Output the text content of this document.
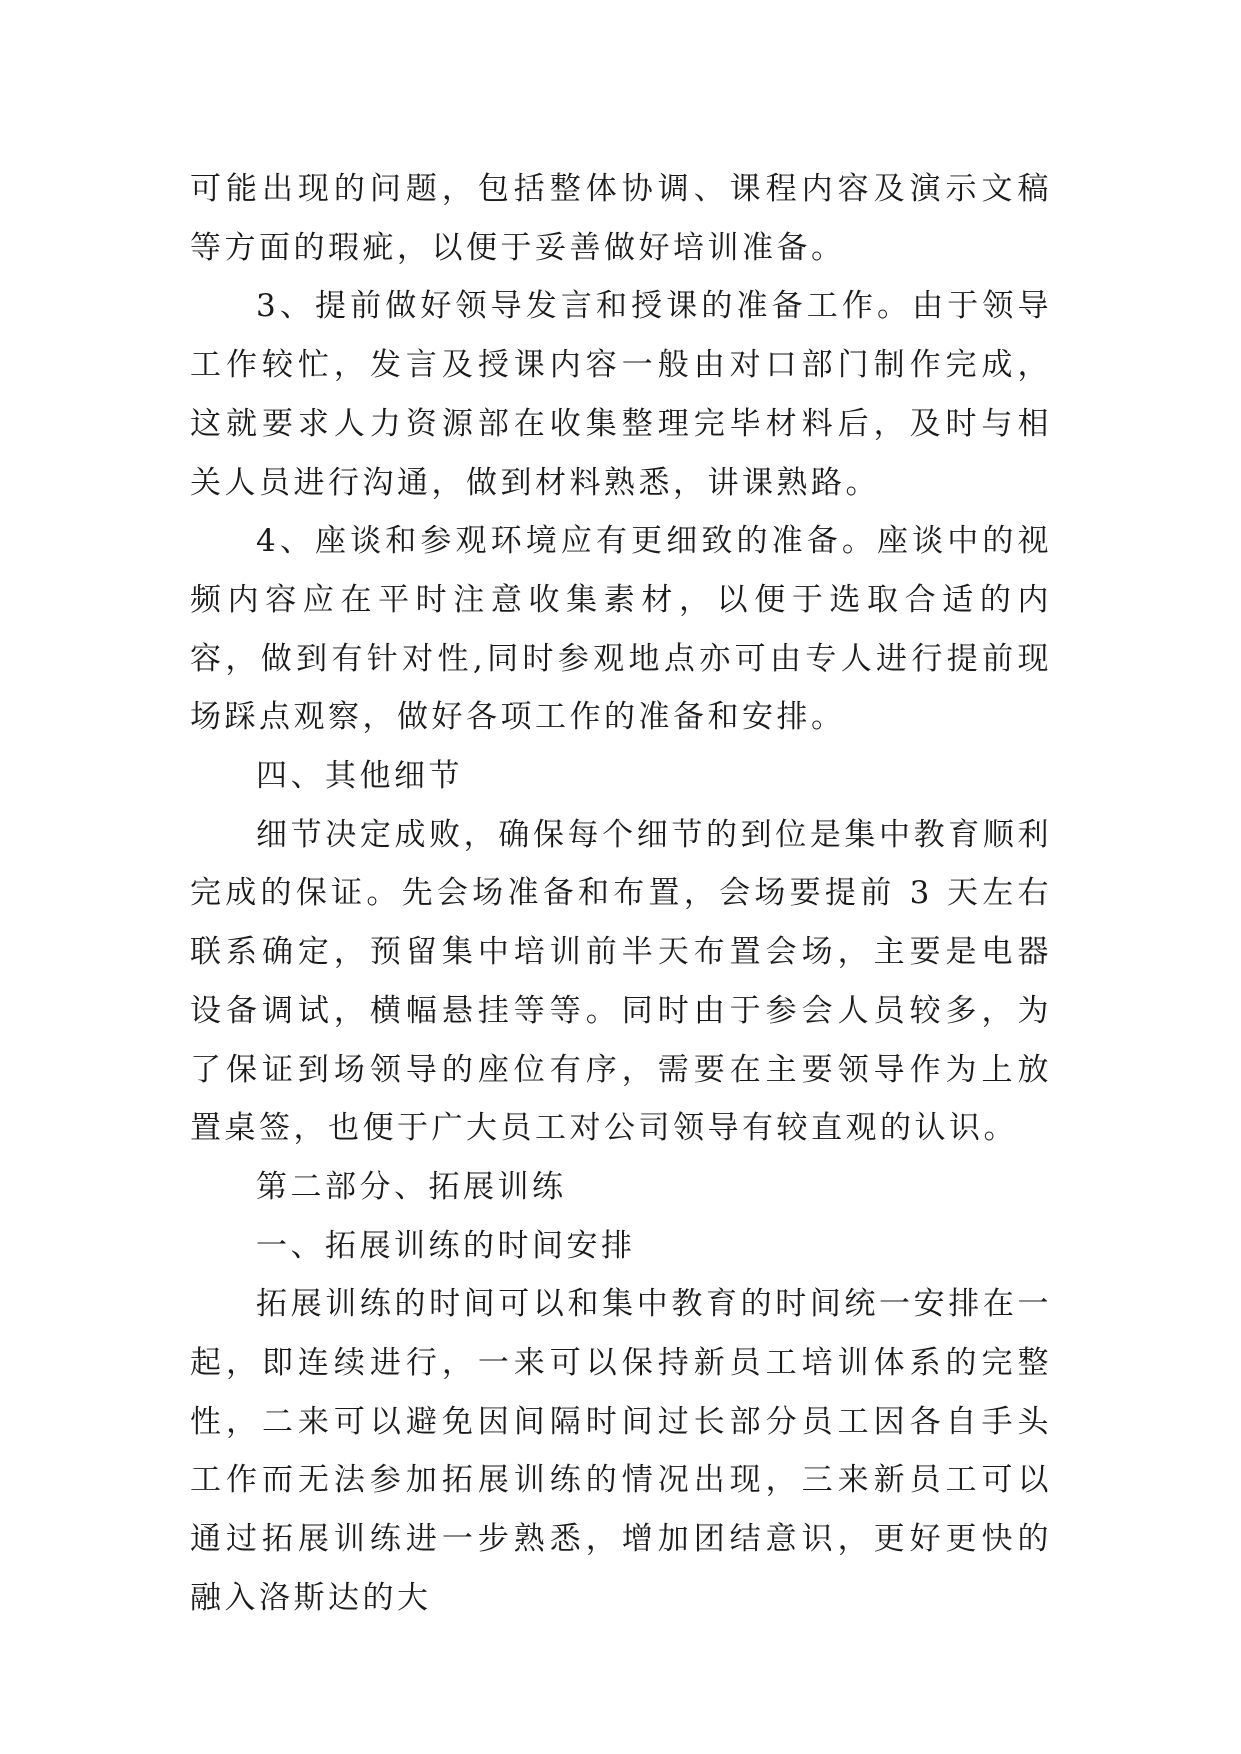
可能出现的问题，包括整体协调、课程内容及演示文稿等方面的瑕疵，以便于妥善做好培训准备。

3、提前做好领导发言和授课的准备工作。由于领导工作较忙，发言及授课内容一般由对口部门制作完成，这就要求人力资源部在收集整理完毕材料后，及时与相关人员进行沟通，做到材料熟悉，讲课熟路。

4、座谈和参观环境应有更细致的准备。座谈中的视频内容应在平时注意收集素材，以便于选取合适的内容，做到有针对性,同时参观地点亦可由专人进行提前现场踩点观察，做好各项工作的准备和安排。

四、其他细节

细节决定成败，确保每个细节的到位是集中教育顺利完成的保证。先会场准备和布置，会场要提前 3 天左右联系确定，预留集中培训前半天布置会场，主要是电器设备调试，横幅悬挂等等。同时由于参会人员较多，为了保证到场领导的座位有序，需要在主要领导作为上放置桌签，也便于广大员工对公司领导有较直观的认识。

第二部分、拓展训练

一、拓展训练的时间安排

拓展训练的时间可以和集中教育的时间统一安排在一起，即连续进行，一来可以保持新员工培训体系的完整性，二来可以避免因间隔时间过长部分员工因各自手头工作而无法参加拓展训练的情况出现，三来新员工可以通过拓展训练进一步熟悉，增加团结意识，更好更快的融入洛斯达的大
